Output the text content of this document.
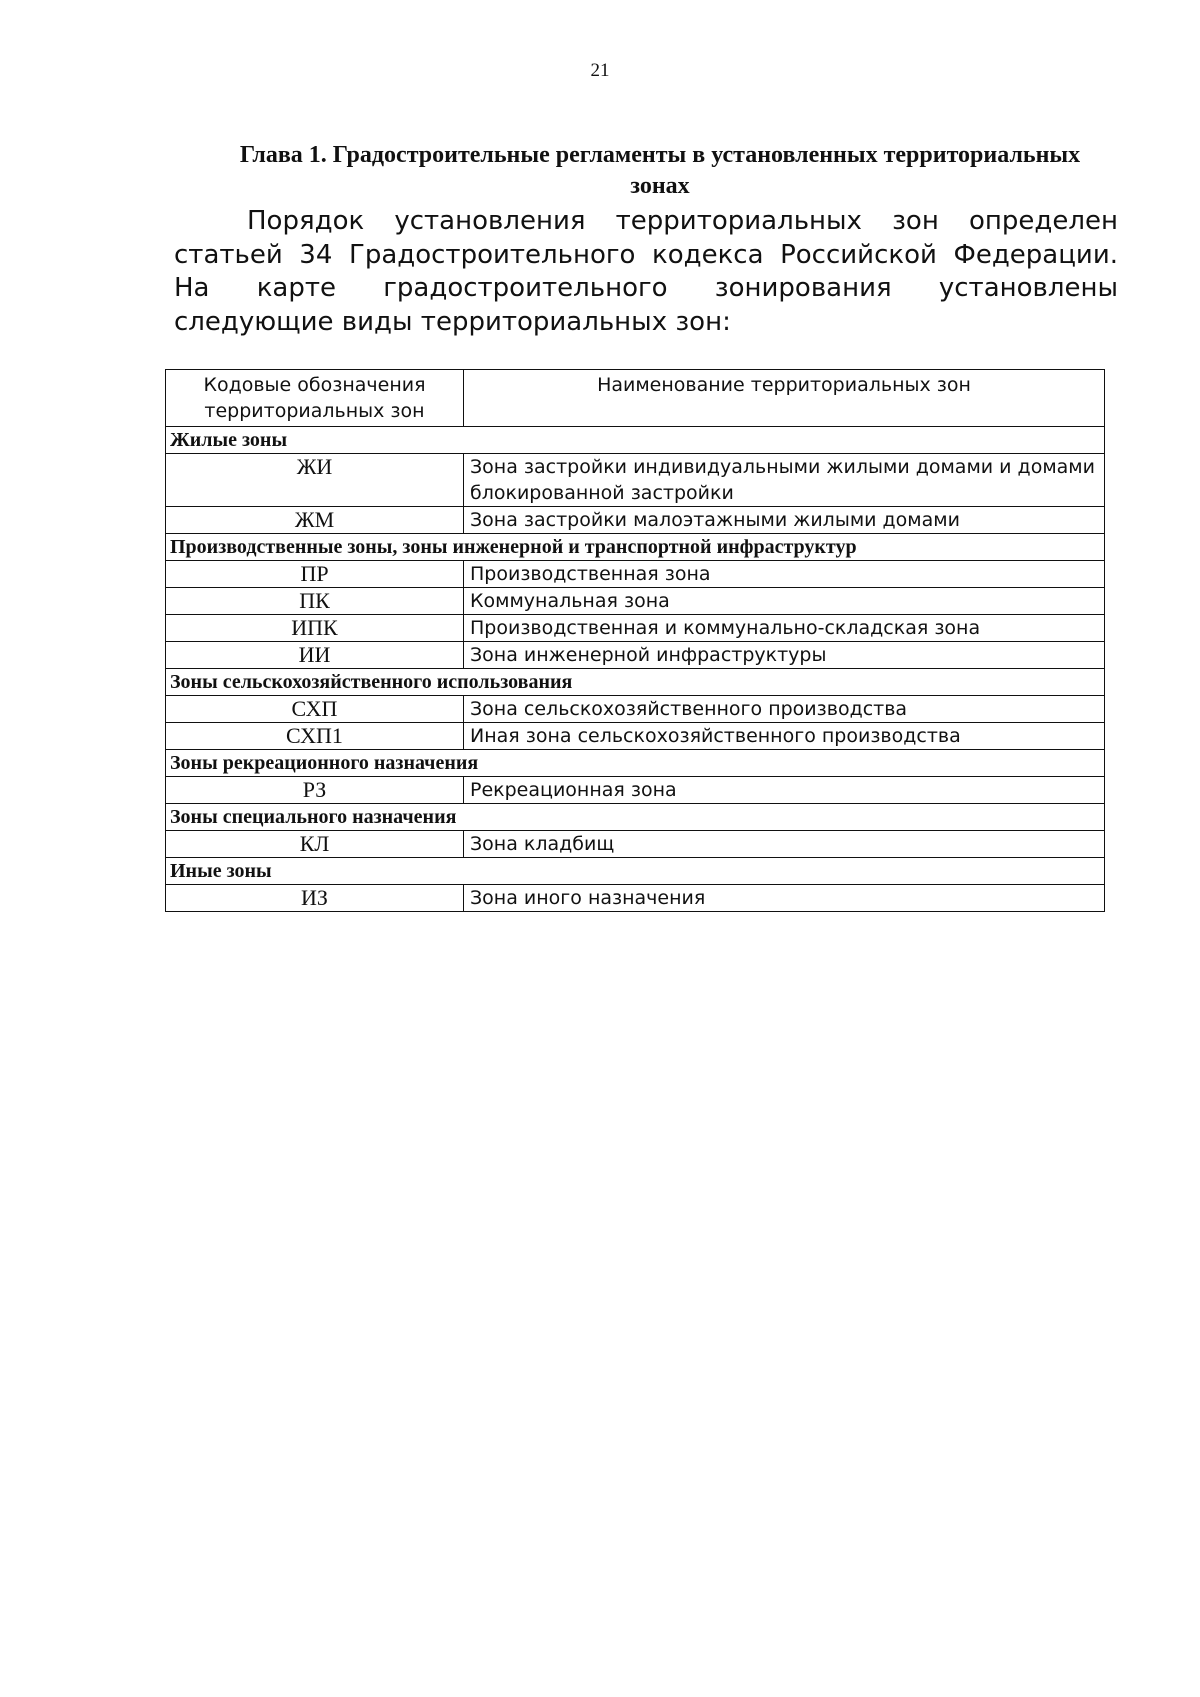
21
Глава 1. Градостроительные регламенты в установленных территориальных зонах

Порядок установления территориальных зон определен статьей 34 Градостроительного кодекса Российской Федерации. На карте градостроительного зонирования установлены следующие виды территориальных зон:

Кодовые обозначения территориальных зон	Наименование территориальных зон
Жилые зоны	
ЖИ	Зона застройки индивидуальными жилыми домами и домами блокированной застройки
ЖМ	Зона застройки малоэтажными жилыми домами
Производственные зоны, зоны инженерной и транспортной инфраструктур	
ПР	Производственная зона
ПК	Коммунальная зона
ИПК	Производственная и коммунально-складская зона
ИИ	Зона инженерной инфраструктуры
Зоны сельскохозяйственного использования	
СХП	Зона сельскохозяйственного производства
СХП1	Иная зона сельскохозяйственного производства
Зоны рекреационного назначения	
РЗ	Рекреационная зона
Зоны специального назначения	
КЛ	Зона кладбищ
Иные зоны	
ИЗ	Зона иного назначения
